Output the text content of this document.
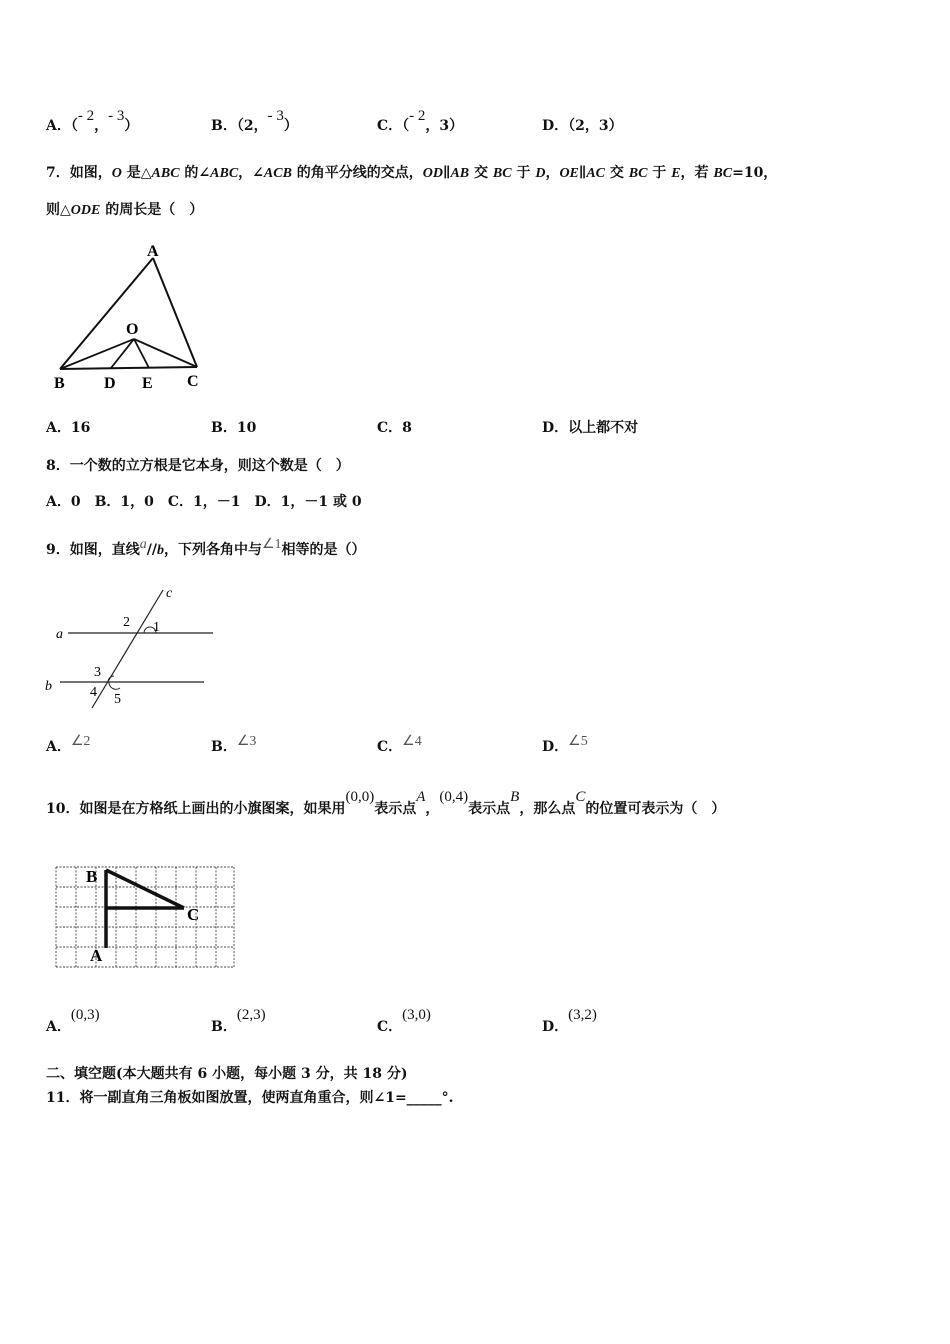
A．（- 2，- 3）	B．（2，- 3）	C．（- 2，3）	D．（2，3）
7．如图，O 是△ABC 的∠ABC，∠ACB 的角平分线的交点，OD∥AB 交 BC 于 D，OE∥AC 交 BC 于 E，若 BC=10，
则△ODE 的周长是（　）
A
O
B D E C
A．16	B．10	C．8	D．以上都不对
8．一个数的立方根是它本身，则这个数是（　）
A．0　B．1，0　C．1，－1　D．1，－1 或 0
9．如图，直线a//b，下列各角中与∠1相等的是（）
c
a
b
1
2
3
4 5
A．∠2	B．∠3	C．∠4	D．∠5
10．如图是在方格纸上画出的小旗图案，如果用(0,0)表示点A，(0,4)表示点B，那么点C的位置可表示为（　）
B
C
A
A．(0,3)
B．(2,3)
C．(3,0)
D．(3,2)
二、填空题(本大题共有 6 小题，每小题 3 分，共 18 分)
11．将一副直角三角板如图放置，使两直角重合，则∠1=_____°.
